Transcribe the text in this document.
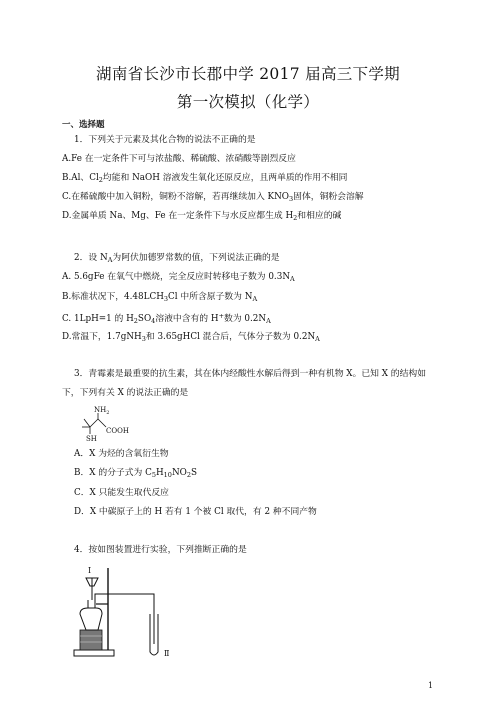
湖南省长沙市长郡中学 2017 届高三下学期
第一次模拟（化学）
一、选择题
1．下列关于元素及其化合物的说法不正确的是
A.Fe 在一定条件下可与浓盐酸、稀硫酸、浓硝酸等剧烈反应
B.Al、$Cl_2$均能和 NaOH 溶液发生氧化还原反应，且两单质的作用不相同
C.在稀硫酸中加入铜粉，铜粉不溶解，若再继续加入 $KNO_3$固体，铜粉会溶解
D.金属单质 Na、Mg、Fe 在一定条件下与水反应都生成 $H_2$和相应的碱
2．设 $N_A$为阿伏加德罗常数的值，下列说法正确的是
A. 5.6gFe 在氧气中燃烧，完全反应时转移电子数为 $0.3N_A$
B.标准状况下，$4.48LCH_3Cl$ 中所含原子数为 $N_A$
C. 1LpH=1 的 $H_2SO_4$溶液中含有的 H+数为 $0.2N_A$
D.常温下，1.7gNH$_3$和 3.65gHCl 混合后，气体分子数为 $0.2N_A$
3．青霉素是最重要的抗生素，其在体内经酸性水解后得到一种有机物 X。已知 X 的结构如
下，下列有关 X 的说法正确的是
$NH_2$
COOH
SH
A．X 为烃的含氧衍生物
B．X 的分子式为 $C_5H_{10}NO_2S$
C．X 只能发生取代反应
D．X 中碳原子上的 H 若有 1 个被 Cl 取代，有 2 种不同产物
4．按如图装置进行实验，下列推断正确的是
Ⅰ
Ⅱ
1
